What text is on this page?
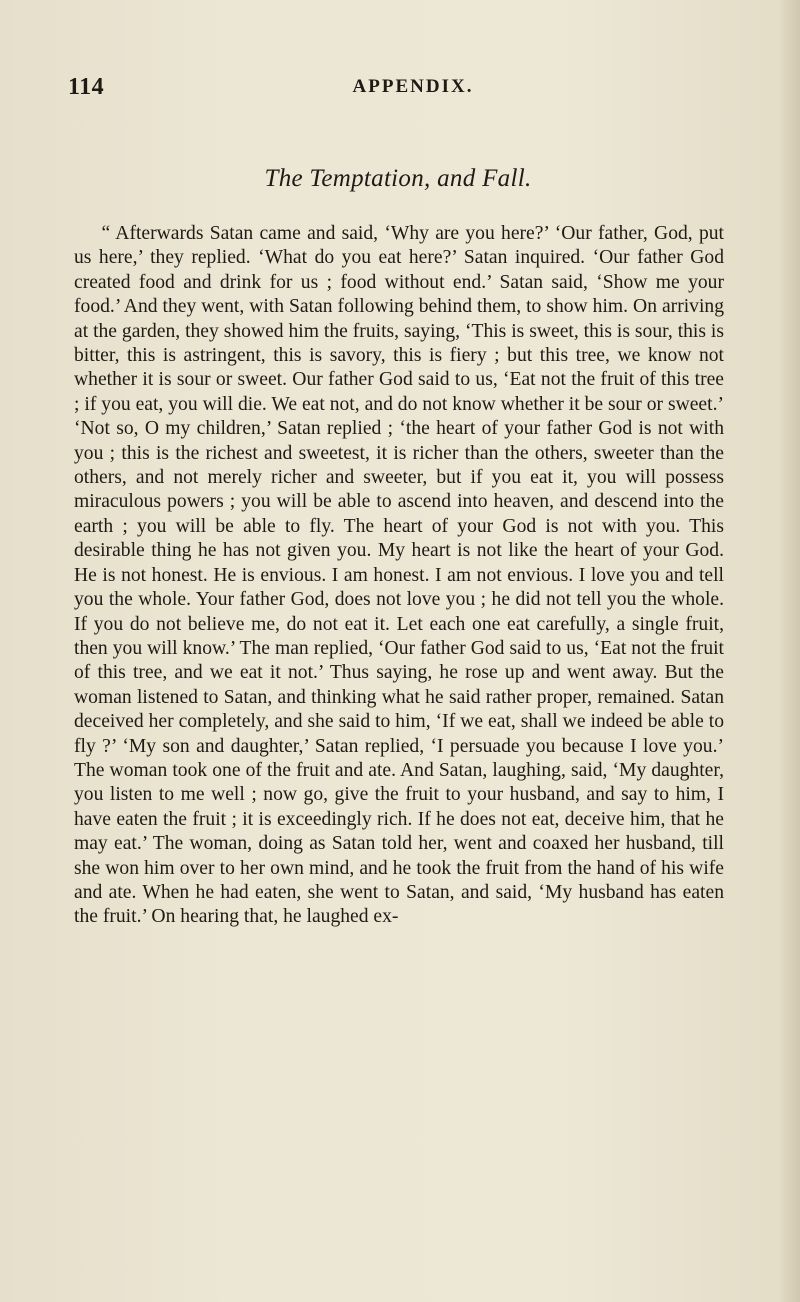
114	APPENDIX.
The Temptation, and Fall.

“ Afterwards Satan came and said, ‘Why are you here?’ ‘Our father, God, put us here,’ they replied. ‘What do you eat here?’ Satan inquired. ‘Our father God created food and drink for us ; food without end.’ Satan said, ‘Show me your food.’ And they went, with Satan following behind them, to show him. On arriving at the garden, they showed him the fruits, saying, ‘This is sweet, this is sour, this is bitter, this is astringent, this is savory, this is fiery ; but this tree, we know not whether it is sour or sweet. Our father God said to us, ‘Eat not the fruit of this tree ; if you eat, you will die. We eat not, and do not know whether it be sour or sweet.’ ‘Not so, O my children,’ Satan replied ; ‘the heart of your father God is not with you ; this is the richest and sweetest, it is richer than the others, sweeter than the others, and not merely richer and sweeter, but if you eat it, you will possess miraculous powers ; you will be able to ascend into heaven, and descend into the earth ; you will be able to fly. The heart of your God is not with you. This desirable thing he has not given you. My heart is not like the heart of your God. He is not honest. He is envious. I am honest. I am not envious. I love you and tell you the whole. Your father God, does not love you ; he did not tell you the whole. If you do not believe me, do not eat it. Let each one eat carefully, a single fruit, then you will know.’ The man replied, ‘Our father God said to us, ‘Eat not the fruit of this tree, and we eat it not.’ Thus saying, he rose up and went away. But the woman listened to Satan, and thinking what he said rather proper, remained. Satan deceived her completely, and she said to him, ‘If we eat, shall we indeed be able to fly ?’ ‘My son and daughter,’ Satan replied, ‘I persuade you because I love you.’ The woman took one of the fruit and ate. And Satan, laughing, said, ‘My daughter, you listen to me well ; now go, give the fruit to your husband, and say to him, I have eaten the fruit ; it is exceedingly rich. If he does not eat, deceive him, that he may eat.’ The woman, doing as Satan told her, went and coaxed her husband, till she won him over to her own mind, and he took the fruit from the hand of his wife and ate. When he had eaten, she went to Satan, and said, ‘My husband has eaten the fruit.’ On hearing that, he laughed ex-
